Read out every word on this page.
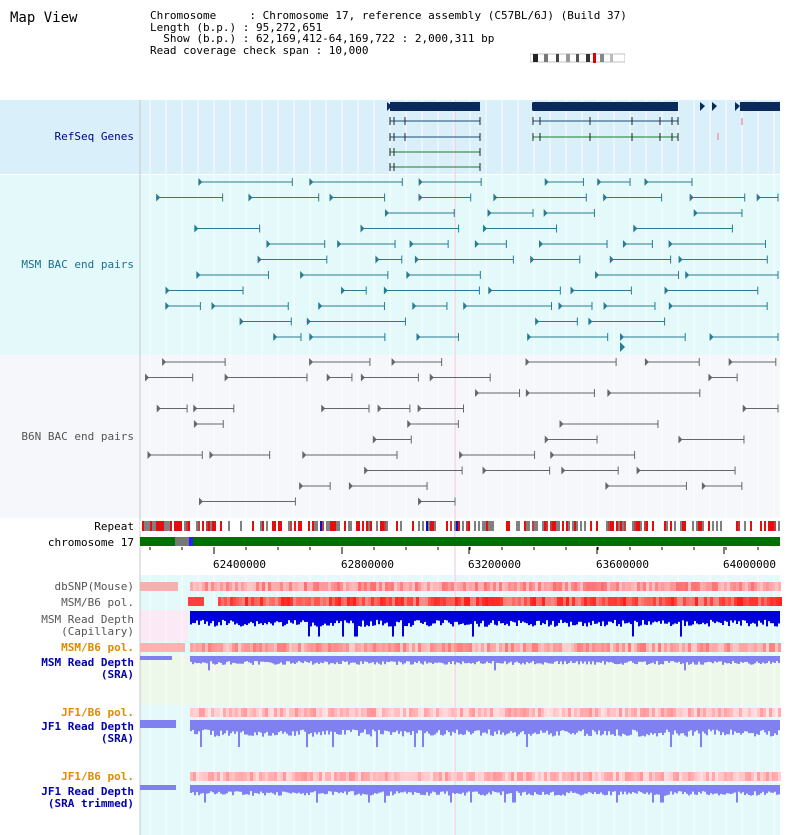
Map View	Chromosome     : Chromosome 17, reference assembly (C57BL/6J) (Build 37)
Length (b.p.) : 95,272,651
Show (b.p.) : 62,169,412-64,169,722 : 2,000,311 bp
Read coverage check span : 10,000
RefSeq Genes
MSM BAC end pairs
B6N BAC end pairs
Repeat
chromosome 17
dbSNP(Mouse)
MSM/B6 pol.
MSM Read Depth
(Capillary)
MSM/B6 pol.
MSM Read Depth
(SRA)
JF1/B6 pol.
JF1 Read Depth
(SRA)
JF1/B6 pol.
JF1 Read Depth
(SRA trimmed)
62400000	62800000	63200000	63600000	64000000
